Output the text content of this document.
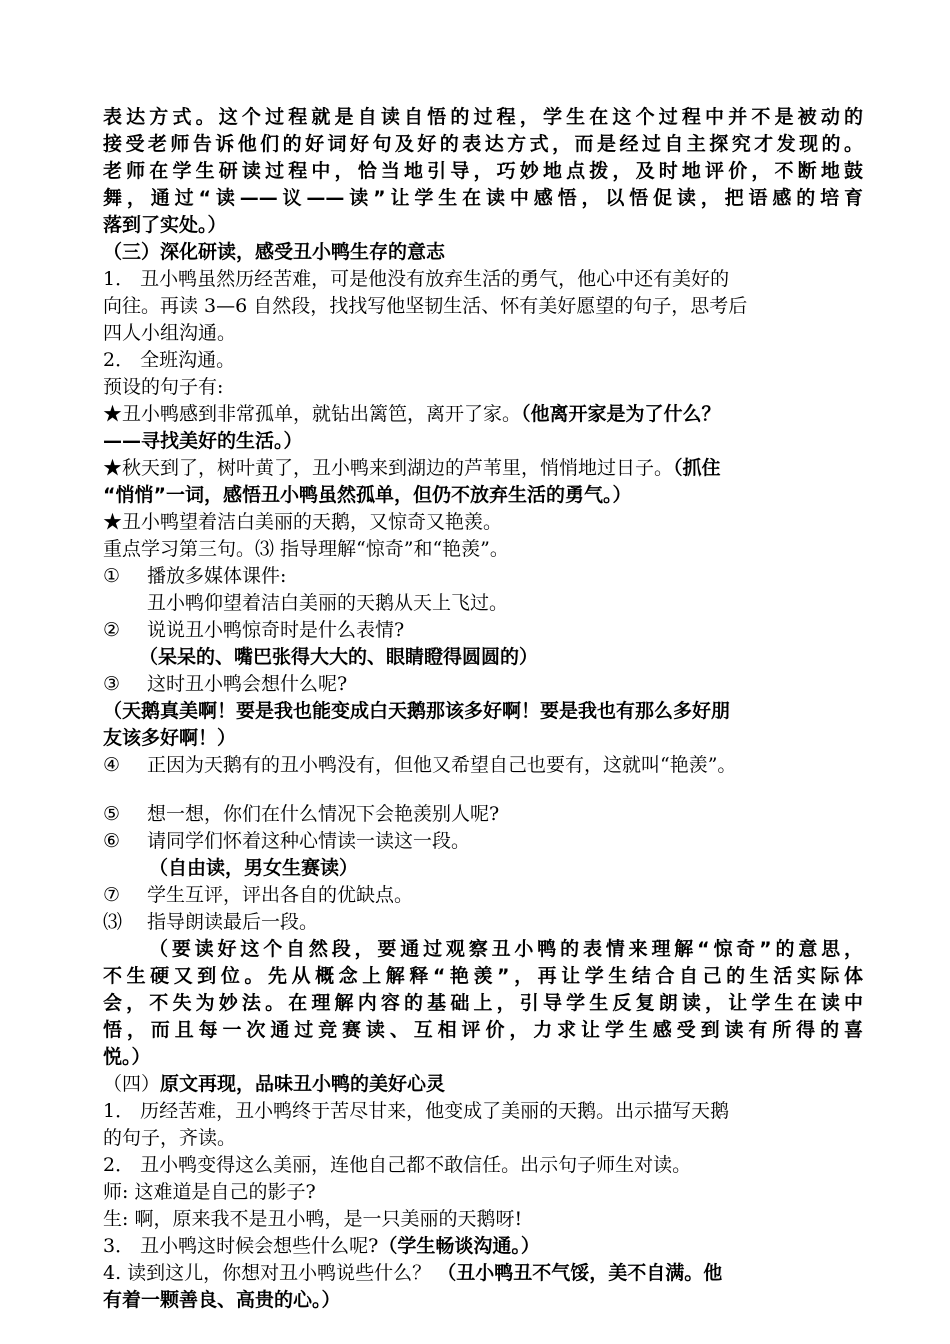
表达方式。这个过程就是自读自悟的过程，学生在这个过程中并不是被动的
接受老师告诉他们的好词好句及好的表达方式，而是经过自主探究才发现的。
老师在学生研读过程中，恰当地引导，巧妙地点拨，及时地评价，不断地鼓
舞，通过“读——议——读”让学生在读中感悟，以悟促读，把语感的培育
落到了实处。）
（三）深化研读，感受丑小鸭生存的意志
1． 丑小鸭虽然历经苦难，可是他没有放弃生活的勇气，他心中还有美好的
向往。再读 3—6 自然段，找找写他坚韧生活、怀有美好愿望的句子，思考后
四人小组沟通。
2． 全班沟通。
预设的句子有:
★丑小鸭感到非常孤单，就钻出篱笆，离开了家。（他离开家是为了什么？
——寻找美好的生活。）
★秋天到了，树叶黄了，丑小鸭来到湖边的芦苇里，悄悄地过日子。（抓住
“悄悄”一词，感悟丑小鸭虽然孤单，但仍不放弃生活的勇气。）
★丑小鸭望着洁白美丽的天鹅，又惊奇又艳羡。
重点学习第三句。⑶ 指导理解“惊奇”和“艳羡”。
① 播放多媒体课件:
丑小鸭仰望着洁白美丽的天鹅从天上飞过。
② 说说丑小鸭惊奇时是什么表情?
（呆呆的、嘴巴张得大大的、眼睛瞪得圆圆的）
③ 这时丑小鸭会想什么呢?
（天鹅真美啊！要是我也能变成白天鹅那该多好啊！要是我也有那么多好朋
友该多好啊！）
④ 正因为天鹅有的丑小鸭没有，但他又希望自己也要有，这就叫“艳羡”。
⑤ 想一想，你们在什么情况下会艳羡别人呢?
⑥ 请同学们怀着这种心情读一读这一段。
（自由读，男女生赛读）
⑦ 学生互评，评出各自的优缺点。
⑶ 指导朗读最后一段。
（要读好这个自然段，要通过观察丑小鸭的表情来理解“惊奇”的意思，
不生硬又到位。先从概念上解释“艳羡”，再让学生结合自己的生活实际体
会，不失为妙法。在理解内容的基础上，引导学生反复朗读，让学生在读中
悟，而且每一次通过竞赛读、互相评价，力求让学生感受到读有所得的喜
悦。）
（四）原文再现，品味丑小鸭的美好心灵
1． 历经苦难，丑小鸭终于苦尽甘来，他变成了美丽的天鹅。出示描写天鹅
的句子，齐读。
2． 丑小鸭变得这么美丽，连他自己都不敢信任。出示句子师生对读。
师: 这难道是自己的影子?
生: 啊，原来我不是丑小鸭，是一只美丽的天鹅呀!
3． 丑小鸭这时候会想些什么呢?（学生畅谈沟通。）
4. 读到这儿，你想对丑小鸭说些什么？ （丑小鸭丑不气馁，美不自满。他
有着一颗善良、高贵的心。）
